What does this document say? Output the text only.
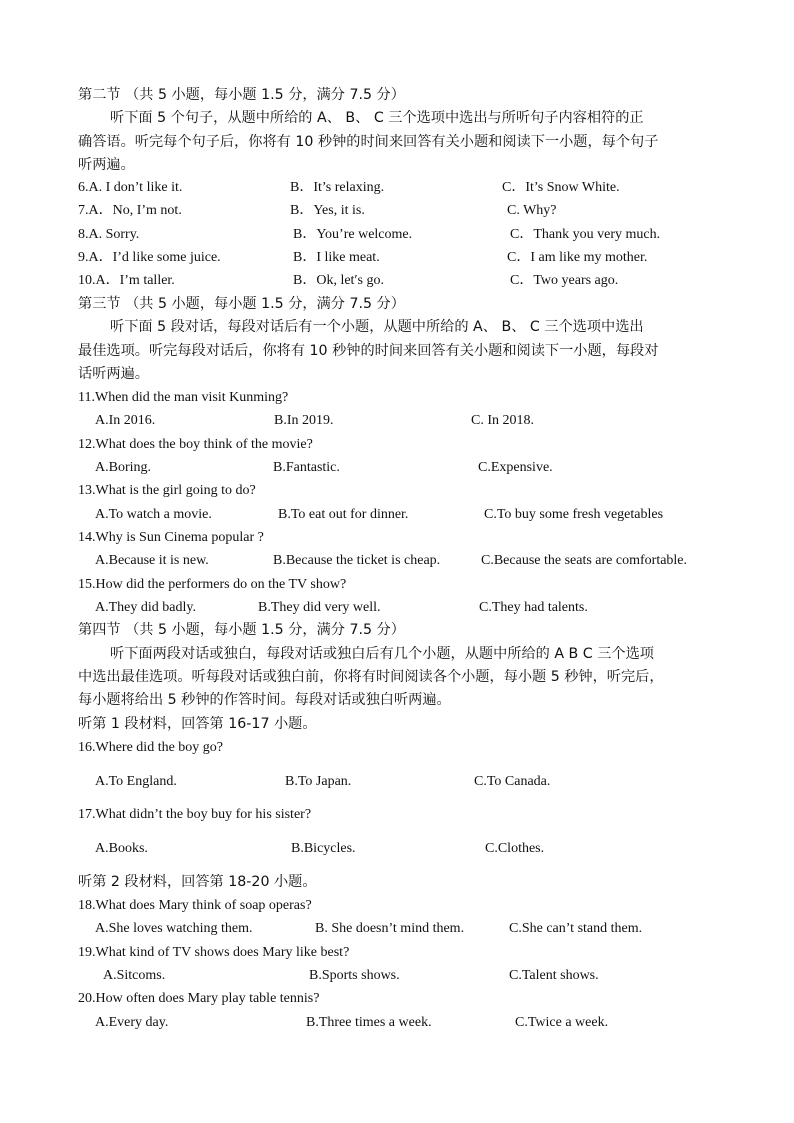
第二节 （共 5 小题，每小题 1.5 分，满分 7.5 分）
听下面 5 个句子，从题中所给的 A、 B、 C 三个选项中选出与所听句子内容相符的正
确答语。听完每个句子后，你将有 10 秒钟的时间来回答有关小题和阅读下一小题，每个句子
听两遍。
6.A. I don’t like it.	B．It’s relaxing.	C．It’s Snow White.
7.A．No, I’m not.	B．Yes, it is.	C. Why?
8.A. Sorry.	B．You’re welcome.	C．Thank you very much.
9.A．I’d like some juice.	B．I like meat.	C．I am like my mother.
10.A．I’m taller.	B．Ok, let′s go.	C．Two years ago.
第三节 （共 5 小题，每小题 1.5 分，满分 7.5 分）
听下面 5 段对话，每段对话后有一个小题，从题中所给的 A、 B、 C 三个选项中选出
最佳选项。听完每段对话后，你将有 10 秒钟的时间来回答有关小题和阅读下一小题，每段对
话听两遍。
11.When did the man visit Kunming?
A.In 2016.	B.In 2019.	C. In 2018.
12.What does the boy think of the movie?
A.Boring.	B.Fantastic.	C.Expensive.
13.What is the girl going to do?
A.To watch a movie.	B.To eat out for dinner.	C.To buy some fresh vegetables
14.Why is Sun Cinema popular ?
A.Because it is new.	B.Because the ticket is cheap.	C.Because the seats are comfortable.
15.How did the performers do on the TV show?
A.They did badly.	B.They did very well.	C.They had talents.
第四节 （共 5 小题，每小题 1.5 分，满分 7.5 分）
听下面两段对话或独白，每段对话或独白后有几个小题，从题中所给的 A B C 三个选项
中选出最佳选项。听每段对话或独白前，你将有时间阅读各个小题，每小题 5 秒钟，听完后，
每小题将给出 5 秒钟的作答时间。每段对话或独白听两遍。
听第 1 段材料，回答第 16-17 小题。
16.Where did the boy go?
A.To England.	B.To Japan.	C.To Canada.
17.What didn’t the boy buy for his sister?
A.Books.	B.Bicycles.	C.Clothes.
听第 2 段材料，回答第 18-20 小题。
18.What does Mary think of soap operas?
A.She loves watching them.	B. She doesn’t mind them.	C.She can’t stand them.
19.What kind of TV shows does Mary like best?
A.Sitcoms.	B.Sports shows.	C.Talent shows.
20.How often does Mary play table tennis?
A.Every day.	B.Three times a week.	C.Twice a week.
